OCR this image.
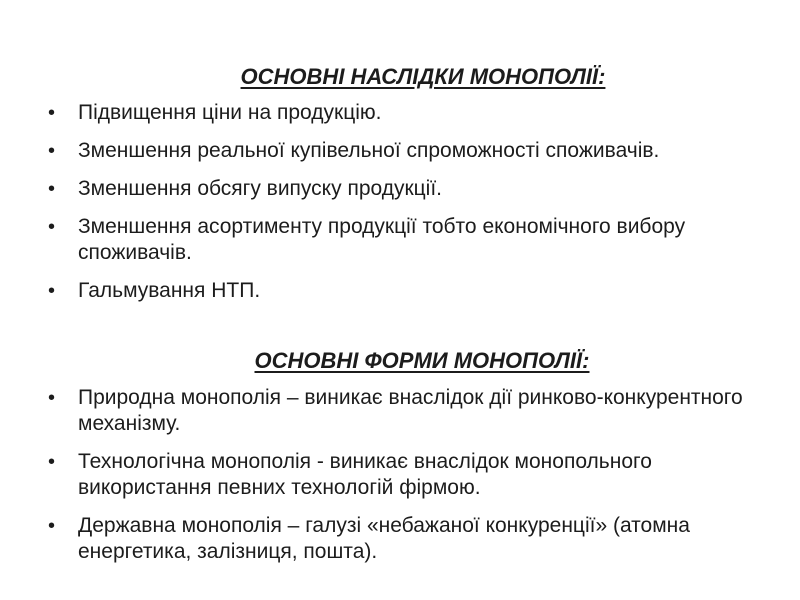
ОСНОВНІ НАСЛІДКИ МОНОПОЛІЇ:
• Підвищення ціни на продукцію.
• Зменшення реальної купівельної спроможності споживачів.
• Зменшення обсягу випуску продукції.
• Зменшення асортименту продукції тобто економічного вибору споживачів.
• Гальмування НТП.
ОСНОВНІ ФОРМИ МОНОПОЛІЇ:
• Природна монополія – виникає внаслідок дії ринково-конкурентного механізму.
• Технологічна монополія - виникає внаслідок монопольного використання певних технологій фірмою.
• Державна монополія – галузі «небажаної конкуренції» (атомна енергетика, залізниця, пошта).
